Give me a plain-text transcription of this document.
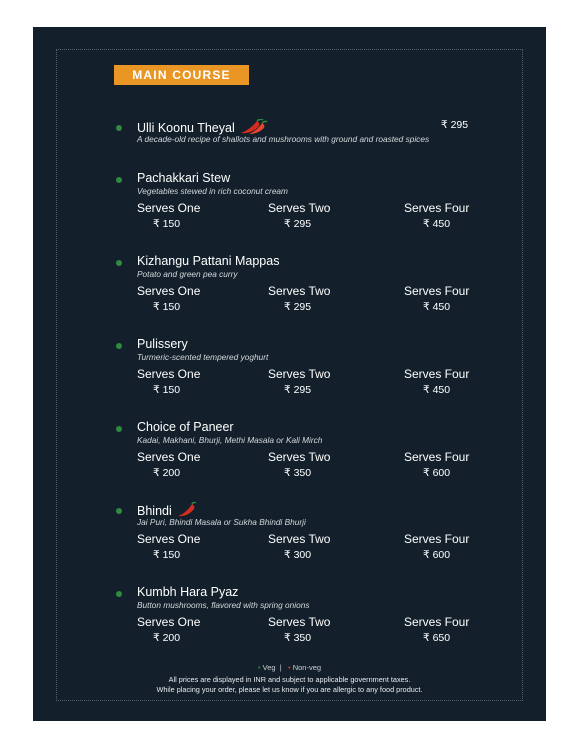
MAIN COURSE
Ulli Koonu Theyal
A decade-old recipe of shallots and mushrooms with ground and roasted spices
₹ 295
Pachakkari Stew
Vegetables stewed in rich coconut cream
Serves One	Serves Two	Serves Four
₹ 150	₹ 295	₹ 450
Kizhangu Pattani Mappas
Potato and green pea curry
Serves One	Serves Two	Serves Four
₹ 150	₹ 295	₹ 450
Pulissery
Turmeric-scented tempered yoghurt
Serves One	Serves Two	Serves Four
₹ 150	₹ 295	₹ 450
Choice of Paneer
Kadai, Makhani, Bhurji, Methi Masala or Kali Mirch
Serves One	Serves Two	Serves Four
₹ 200	₹ 350	₹ 600
Bhindi
Jai Puri, Bhindi Masala or Sukha Bhindi Bhurji
Serves One	Serves Two	Serves Four
₹ 150	₹ 300	₹ 600
Kumbh Hara Pyaz
Button mushrooms, flavored with spring onions
Serves One	Serves Two	Serves Four
₹ 200	₹ 350	₹ 650
• Veg | • Non-veg
All prices are displayed in INR and subject to applicable government taxes.
While placing your order, please let us know if you are allergic to any food product.
